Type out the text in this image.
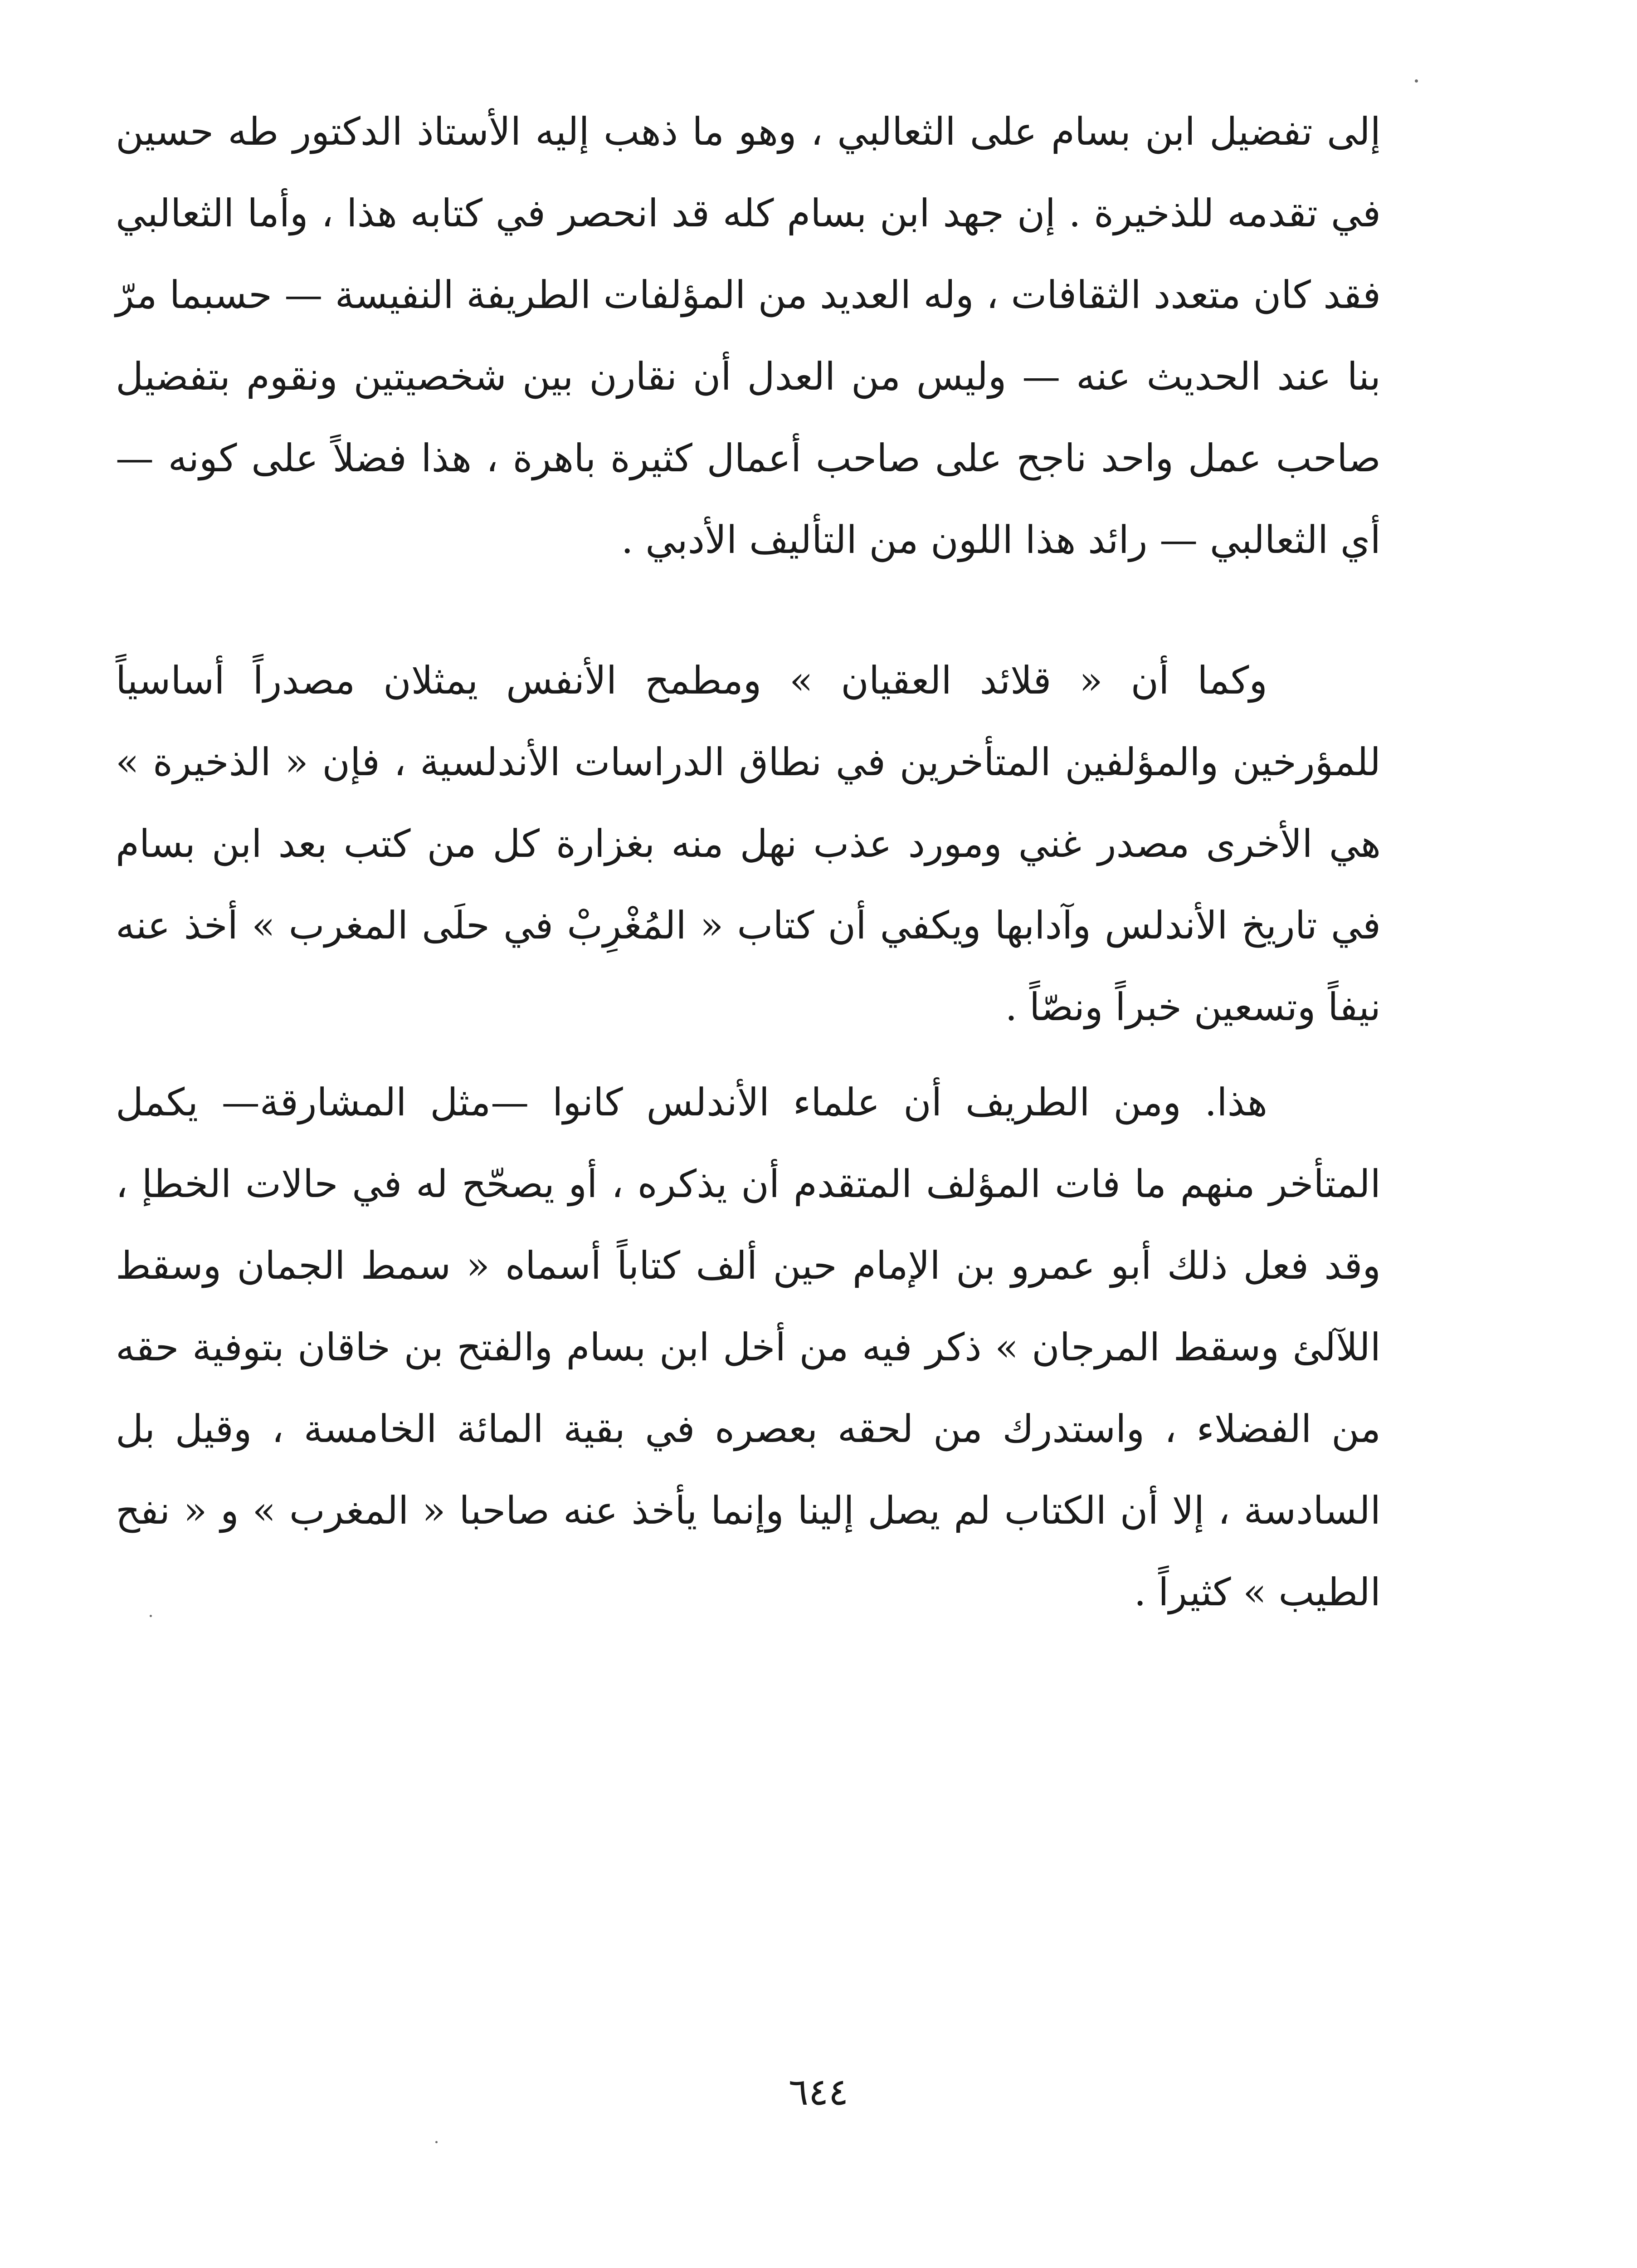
إلى تفضيل ابن بسام على الثعالبي ، وهو ما ذهب إليه الأستاذ الدكتور طه حسين في تقدمه للذخيرة . إن جهد ابن بسام كله قد انحصر في كتابه هذا ، وأما الثعالبي فقد كان متعدد الثقافات ، وله العديد من المؤلفات الطريفة النفيسة — حسبما مرّ بنا عند الحديث عنه — وليس من العدل أن نقارن بين شخصيتين ونقوم بتفضيل صاحب عمل واحد ناجح على صاحب أعمال كثيرة باهرة ، هذا فضلاً على كونه — أي الثعالبي — رائد هذا اللون من التأليف الأدبي .

وكما أن « قلائد العقيان » ومطمح الأنفس يمثلان مصدراً أساسياً للمؤرخين والمؤلفين المتأخرين في نطاق الدراسات الأندلسية ، فإن « الذخيرة » هي الأخرى مصدر غني ومورد عذب نهل منه بغزارة كل من كتب بعد ابن بسام في تاريخ الأندلس وآدابها ويكفي أن كتاب « المُغْرِبْ في حلَى المغرب » أخذ عنه نيفاً وتسعين خبراً ونصّاً .

هذا. ومن الطريف أن علماء الأندلس كانوا —مثل المشارقة— يكمل المتأخر منهم ما فات المؤلف المتقدم أن يذكره ، أو يصحّح له في حالات الخطإ ، وقد فعل ذلك أبو عمرو بن الإمام حين ألف كتاباً أسماه « سمط الجمان وسقط اللآلئ وسقط المرجان » ذكر فيه من أخل ابن بسام والفتح بن خاقان بتوفية حقه من الفضلاء ، واستدرك من لحقه بعصره في بقية المائة الخامسة ، وقيل بل السادسة ، إلا أن الكتاب لم يصل إلينا وإنما يأخذ عنه صاحبا « المغرب » و « نفح الطيب » كثيراً .

٦٤٤
